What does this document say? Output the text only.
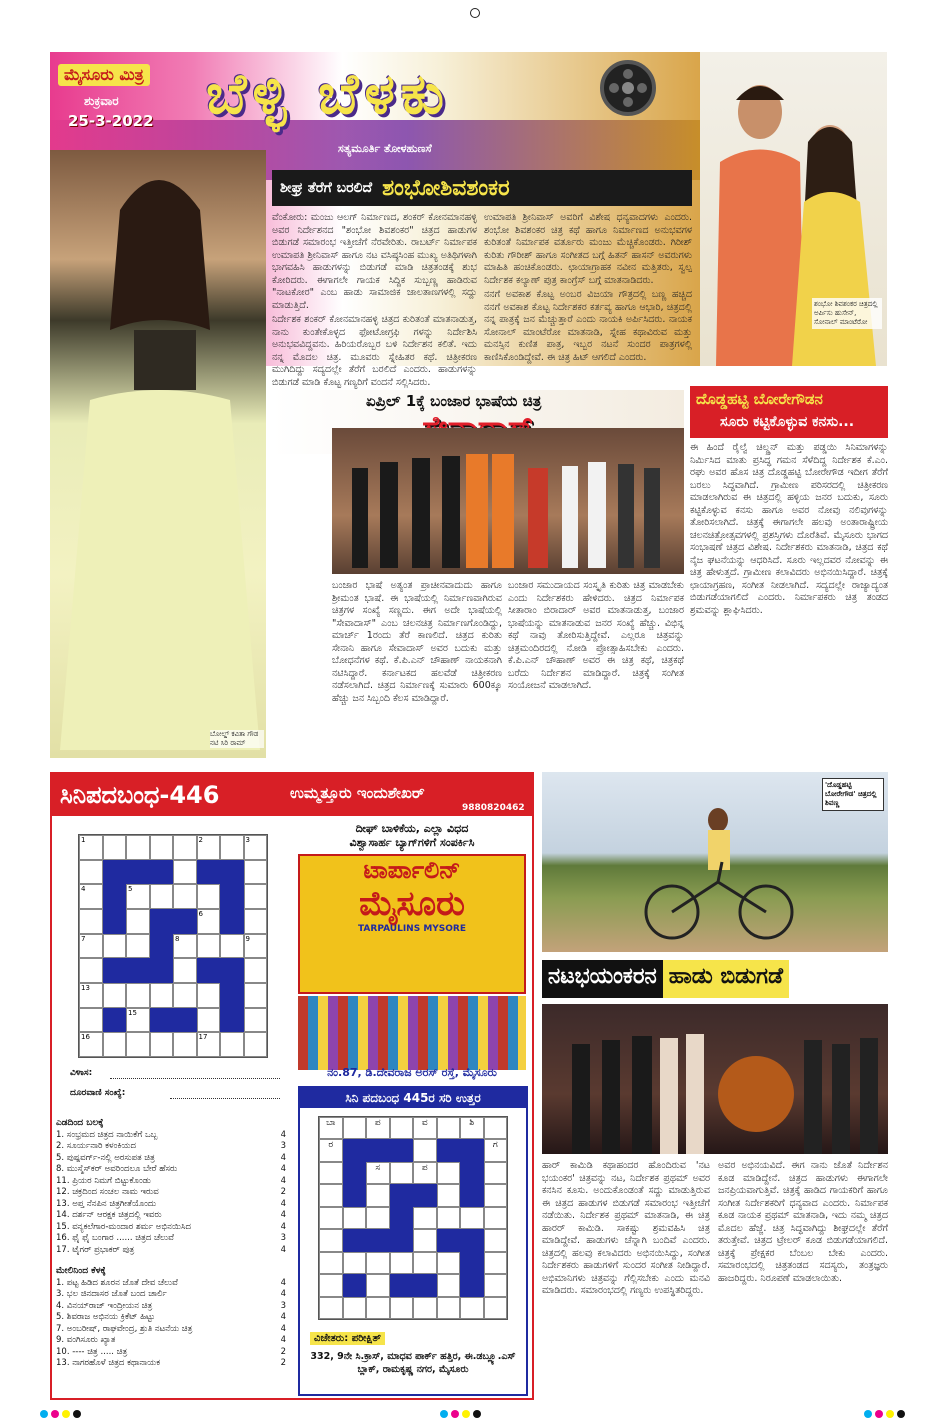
ಮೈಸೂರು ಮಿತ್ರ
ಶುಕ್ರವಾರ
25-3-2022 ಬೆಳ್ಳಿ ಬೆಳಕು
ಸತ್ಯಮೂರ್ತಿ ತೋಳಹುಣಸೆ
ಬೋಲ್ಡ್ ಕವಿತಾ ಗೌಡ ನಟಿ ಸಿರಿ ರಾಮ್
ಶೀಘ್ರ ತೆರೆಗೆ ಬರಲಿದೆ ಶಂಭೋಶಿವಶಂಕರ

ವೆಂಕೋರು: ಮಂಜು ಆಲಗ್ ನಿರ್ಮಾಣದ, ಶಂಕರ್ ಕೋನಮಾನಹಳ್ಳಿ ಅವರ ನಿರ್ದೇಶನದ "ಶಂಭೋ ಶಿವಶಂಕರ" ಚಿತ್ರದ ಹಾಡುಗಳ ಬಿಡುಗಡೆ ಸಮಾರಂಭ ಇತ್ತೀಚೆಗೆ ನೆರವೇರಿತು. ರಾಬರ್ಟ್ ನಿರ್ಮಾಪಕ ಉಮಾಪತಿ ಶ್ರೀನಿವಾಸ್ ಹಾಗೂ ನಟ ವಸಿಷ್ಠಸಿಂಹ ಮುಖ್ಯ ಅತಿಥಿಗಳಾಗಿ ಭಾಗವಹಿಸಿ ಹಾಡುಗಳನ್ನು ಬಿಡುಗಡೆ ಮಾಡಿ ಚಿತ್ರತಂಡಕ್ಕೆ ಶುಭ ಕೋರಿದರು. ಈಗಾಗಲೇ ಗಾಯಕ ಸಿದ್ದಿಕ ಸುಬ್ಬಣ್ಣ ಹಾಡಿರುವ "ನಾಟಕೋರ" ಎಂಬ ಹಾಡು ಸಾಮಾಜಿಕ ಜಾಲತಾಣಗಳಲ್ಲಿ ಸದ್ದು ಮಾಡುತ್ತಿದೆ.

ನಿರ್ದೇಶಕ ಶಂಕರ್ ಕೋನಮಾನಹಳ್ಳಿ ಚಿತ್ರದ ಕುರಿತಂತೆ ಮಾತನಾಡುತ್ತ, ನಾನು ಕುಂತೇಕೊಳ್ಳದ ಫೋಟೋಗ್ರಫಿ ಗಳನ್ನು ನಿರ್ದೇಶಿಸಿ ಅನುಭವವಿದ್ದವನು. ಹಿರಿಯರೊಬ್ಬರ ಬಳಿ ನಿರ್ದೇಶನ ಕಲಿತೆ. ಇದು ನನ್ನ ಮೊದಲ ಚಿತ್ರ. ಮೂವರು ಸ್ನೇಹಿತರ ಕಥೆ. ಚಿತ್ರೀಕರಣ ಮುಗಿದಿದ್ದು ಸದ್ಯದಲ್ಲೇ ತೆರೆಗೆ ಬರಲಿದೆ ಎಂದರು. ಹಾಡುಗಳನ್ನು ಬಿಡುಗಡೆ ಮಾಡಿ ಕೊಟ್ಟ ಗಣ್ಯರಿಗೆ ವಂದನೆ ಸಲ್ಲಿಸಿದರು.

ಉಮಾಪತಿ ಶ್ರೀನಿವಾಸ್ ಅವರಿಗೆ ವಿಶೇಷ ಧನ್ಯವಾದಗಳು ಎಂದರು. ಶಂಭೋ ಶಿವಶಂಕರ ಚಿತ್ರ ಕಥೆ ಹಾಗೂ ನಿರ್ಮಾಣದ ಅನುಭವಗಳ ಕುರಿತಂತೆ ನಿರ್ಮಾಪಕ ವರ್ತೂರು ಮಂಜು ಮೆಚ್ಚಿಕೊಂಡರು. ಗಿರೀಶ್ ಕುರಿತು ಗೌರೀಶ್ ಹಾಗೂ ಸಂಗೀತದ ಬಗ್ಗೆ ಹಿತನ್ ಹಾಸನ್ ಅವರುಗಳು ಮಾಹಿತಿ ಹಂಚಿಕೊಂಡರು. ಛಾಯಾಗ್ರಾಹಕ ನವೀನ ಮತ್ತಿತರು, ಸ್ವಲ್ಪ ನಿರ್ದೇಶಕ ಕಲ್ಯಾಣ್ ಪುತ್ರ ಕಾಂಗ್ರೆಸ್ ಬಗ್ಗೆ ಮಾತನಾಡಿದರು.

ನನಗೆ ಅವಕಾಶ ಕೊಟ್ಟ ಅಂಬರ ವಿಜಯಾ ಗೌತ್ರದಲ್ಲಿ ಬಣ್ಣ ಹಚ್ಚಿದ ನನಗೆ ಅವಕಾಶ ಕೊಟ್ಟ ನಿರ್ದೇಶಕರ ಕರ್ತವ್ಯ ಹಾಗೂ ಆಭಾರಿ, ಚಿತ್ರದಲ್ಲಿ ನನ್ನ ಪಾತ್ರಕ್ಕೆ ಜನ ಮೆಚ್ಚುತ್ತಾರೆ ಎಂದು ನಾಯಕಿ ಅರ್ಪಿಸಿದರು. ನಾಯಕ ಸೋನಾಲ್ ಮಾಂಟೆರೋ ಮಾತನಾಡಿ, ಸ್ನೇಹ ಕಥಾವಿರುವ ಮತ್ತು ಮನಸ್ಸಿನ ಕುಣಿತ ಪಾತ್ರ, ಇಬ್ಬರ ನಟನೆ ಸುಂದರ ಪಾತ್ರಗಳಲ್ಲಿ ಕಾಣಿಸಿಕೊಂಡಿದ್ದೇವೆ. ಈ ಚಿತ್ರ ಹಿಟ್ ಆಗಲಿದೆ ಎಂದರು.

ಶಂಭೋ ಶಿವಶಂಕರ ಚಿತ್ರದಲ್ಲಿ ಅರ್ಪಿಸು ಹುಸೇನ್, ಸೋನಾಲ್ ಮಾಂಟೆರೋ
ಏಪ್ರಿಲ್ 1ಕ್ಕೆ ಬಂಜಾರ ಭಾಷೆಯ ಚಿತ್ರ

ಬಂಜಾರ ಭಾಷೆ ಅತ್ಯಂತ ಪ್ರಾಚೀನವಾದುದು ಹಾಗೂ ಶ್ರೀಮಂತ ಭಾಷೆ. ಈ ಭಾಷೆಯಲ್ಲಿ ನಿರ್ಮಾಣವಾಗಿರುವ ಚಿತ್ರಗಳ ಸಂಖ್ಯೆ ಸಣ್ಣದು. ಈಗ ಅದೇ ಭಾಷೆಯಲ್ಲಿ "ಸೇವಾದಾಸ್" ಎಂಬ ಚಲನಚಿತ್ರ ನಿರ್ಮಾಣಗೊಂಡಿದ್ದು, ಮಾರ್ಚ್ 1ರಂದು ತೆರೆ ಕಾಣಲಿದೆ. ಚಿತ್ರದ ಕುರಿತು ಸೇನಾನಿ ಹಾಗೂ ಸೇವಾದಾಸ್ ಅವರ ಬದುಕು ಮತ್ತು ಬೋಧನೆಗಳ ಕಥೆ. ಕೆ.ಪಿ.ಎನ್ ಚೌಹಾಣ್ ನಾಯಕನಾಗಿ ನಟಿಸಿದ್ದಾರೆ. ಕರ್ನಾಟಕದ ಹಲವೆಡೆ ಚಿತ್ರೀಕರಣ ನಡೆಸಲಾಗಿದೆ. ಚಿತ್ರದ ನಿರ್ಮಾಣಕ್ಕೆ ಸುಮಾರು 600ಕ್ಕೂ ಹೆಚ್ಚು ಜನ ಸಿಬ್ಬಂದಿ ಕೆಲಸ ಮಾಡಿದ್ದಾರೆ.

ಬಂಜಾರ ಸಮುದಾಯದ ಸಂಸ್ಕೃತಿ ಕುರಿತು ಚಿತ್ರ ಮಾಡಬೇಕು ಎಂದು ನಿರ್ದೇಶಕರು ಹೇಳಿದರು. ಚಿತ್ರದ ನಿರ್ಮಾಪಕ ಸೀತಾರಾಂ ಬಿರಾದಾರ್ ಅವರ ಮಾತನಾಡುತ್ತ, ಬಂಜಾರ ಭಾಷೆಯನ್ನು ಮಾತನಾಡುವ ಜನರ ಸಂಖ್ಯೆ ಹೆಚ್ಚು. ವಿಭಿನ್ನ ಕಥೆ ನಾವು ತೋರಿಸುತ್ತಿದ್ದೇವೆ. ಎಲ್ಲರೂ ಚಿತ್ರವನ್ನು ಚಿತ್ರಮಂದಿರದಲ್ಲಿ ನೋಡಿ ಪ್ರೋತ್ಸಾಹಿಸಬೇಕು ಎಂದರು. ಕೆ.ಪಿ.ಎನ್ ಚೌಹಾಣ್ ಅವರ ಈ ಚಿತ್ರ ಕಥೆ, ಚಿತ್ರಕಥೆ ಬರೆದು ನಿರ್ದೇಶನ ಮಾಡಿದ್ದಾರೆ. ಚಿತ್ರಕ್ಕೆ ಸಂಗೀತ ಸಂಯೋಜನೆ ಮಾಡಲಾಗಿದೆ.

ದೊಡ್ಡಹಟ್ಟಿ ಬೋರೇಗೌಡನ
ಸೂರು ಕಟ್ಟಿಕೊಳ್ಳುವ ಕನಸು...

ಈ ಹಿಂದೆ ರೈಲ್ವೆ ಚಿಲ್ಡ್ರನ್ ಮತ್ತು ಪಡ್ಡಯಿ ಸಿನಿಮಾಗಳನ್ನು ನಿರ್ಮಿಸಿದ ಮಾತು ಪ್ರಸಿದ್ಧ ಗಮನ ಸೆಳೆದಿದ್ದ ನಿರ್ದೇಶಕ ಕೆ.ಎಂ. ರಘು ಅವರ ಹೊಸ ಚಿತ್ರ ದೊಡ್ಡಹಟ್ಟಿ ಬೋರೇಗೌಡ ಇದೀಗ ತೆರೆಗೆ ಬರಲು ಸಿದ್ಧವಾಗಿದೆ. ಗ್ರಾಮೀಣ ಪರಿಸರದಲ್ಲಿ ಚಿತ್ರೀಕರಣ ಮಾಡಲಾಗಿರುವ ಈ ಚಿತ್ರದಲ್ಲಿ ಹಳ್ಳಿಯ ಜನರ ಬದುಕು, ಸೂರು ಕಟ್ಟಿಕೊಳ್ಳುವ ಕನಸು ಹಾಗೂ ಅವರ ನೋವು ನಲಿವುಗಳನ್ನು ತೋರಿಸಲಾಗಿದೆ. ಚಿತ್ರಕ್ಕೆ ಈಗಾಗಲೇ ಹಲವು ಅಂತಾರಾಷ್ಟ್ರೀಯ ಚಲನಚಿತ್ರೋತ್ಸವಗಳಲ್ಲಿ ಪ್ರಶಸ್ತಿಗಳು ದೊರೆತಿವೆ. ಮೈಸೂರು ಭಾಗದ ಸಂಭಾಷಣೆ ಚಿತ್ರದ ವಿಶೇಷ. ನಿರ್ದೇಶಕರು ಮಾತನಾಡಿ, ಚಿತ್ರದ ಕಥೆ ನೈಜ ಘಟನೆಯನ್ನು ಆಧರಿಸಿದೆ. ಸೂರು ಇಲ್ಲದವರ ನೋವನ್ನು ಈ ಚಿತ್ರ ಹೇಳುತ್ತದೆ. ಗ್ರಾಮೀಣ ಕಲಾವಿದರು ಅಭಿನಯಿಸಿದ್ದಾರೆ. ಚಿತ್ರಕ್ಕೆ ಛಾಯಾಗ್ರಹಣ, ಸಂಗೀತ ನೀಡಲಾಗಿದೆ. ಸದ್ಯದಲ್ಲೇ ರಾಜ್ಯಾದ್ಯಂತ ಬಿಡುಗಡೆಯಾಗಲಿದೆ ಎಂದರು. ನಿರ್ಮಾಪಕರು ಚಿತ್ರ ತಂಡದ ಶ್ರಮವನ್ನು ಶ್ಲಾಘಿಸಿದರು.

'ದೊಡ್ಡಹಟ್ಟಿ ಬೋರೇಗೌಡ' ಚಿತ್ರದಲ್ಲಿ ಶಿವಣ್ಣ
ನಟಭಯಂಕರನ ಹಾಡು ಬಿಡುಗಡೆ

ಹಾರ್ ಕಾಮಿಡಿ ಕಥಾಹಂದರ ಹೊಂದಿರುವ 'ನಟ ಭಯಂಕರ' ಚಿತ್ರವನ್ನು ನಟ, ನಿರ್ದೇಶಕ ಪ್ರಥಮ್ ಅವರ ಕನಸಿನ ಕೂಸು. ಅಂದುಕೊಂಡಂತೆ ಸದ್ದು ಮಾಡುತ್ತಿರುವ ಈ ಚಿತ್ರದ ಹಾಡುಗಳ ಬಿಡುಗಡೆ ಸಮಾರಂಭ ಇತ್ತೀಚೆಗೆ ನಡೆಯಿತು. ನಿರ್ದೇಶಕ ಪ್ರಥಮ್ ಮಾತನಾಡಿ, ಈ ಚಿತ್ರ ಹಾರರ್ ಕಾಮಿಡಿ. ಸಾಕಷ್ಟು ಶ್ರಮವಹಿಸಿ ಚಿತ್ರ ಮಾಡಿದ್ದೇವೆ. ಹಾಡುಗಳು ಚೆನ್ನಾಗಿ ಬಂದಿವೆ ಎಂದರು. ಚಿತ್ರದಲ್ಲಿ ಹಲವು ಕಲಾವಿದರು ಅಭಿನಯಿಸಿದ್ದು, ಸಂಗೀತ ನಿರ್ದೇಶಕರು ಹಾಡುಗಳಿಗೆ ಸುಂದರ ಸಂಗೀತ ನೀಡಿದ್ದಾರೆ. ಅಭಿಮಾನಿಗಳು ಚಿತ್ರವನ್ನು ಗೆಲ್ಲಿಸಬೇಕು ಎಂದು ಮನವಿ ಮಾಡಿದರು. ಸಮಾರಂಭದಲ್ಲಿ ಗಣ್ಯರು ಉಪಸ್ಥಿತರಿದ್ದರು.

ಅವರ ಅಭಿನಯವಿದೆ. ಈಗ ನಾನು ಜೊತೆ ನಿರ್ದೇಶನ ಕೂಡ ಮಾಡಿದ್ದೇನೆ. ಚಿತ್ರದ ಹಾಡುಗಳು ಈಗಾಗಲೇ ಜನಪ್ರಿಯವಾಗುತ್ತಿವೆ. ಚಿತ್ರಕ್ಕೆ ಹಾಡಿದ ಗಾಯಕರಿಗೆ ಹಾಗೂ ಸಂಗೀತ ನಿರ್ದೇಶಕರಿಗೆ ಧನ್ಯವಾದ ಎಂದರು. ನಿರ್ಮಾಪಕ ಕೂಡ ನಾಯಕ ಪ್ರಥಮ್ ಮಾತನಾಡಿ, ಇದು ನಮ್ಮ ಚಿತ್ರದ ಮೊದಲ ಹೆಜ್ಜೆ. ಚಿತ್ರ ಸಿದ್ಧವಾಗಿದ್ದು ಶೀಘ್ರದಲ್ಲೇ ತೆರೆಗೆ ತರುತ್ತೇವೆ. ಚಿತ್ರದ ಟ್ರೇಲರ್ ಕೂಡ ಬಿಡುಗಡೆಯಾಗಲಿದೆ. ಚಿತ್ರಕ್ಕೆ ಪ್ರೇಕ್ಷಕರ ಬೆಂಬಲ ಬೇಕು ಎಂದರು. ಸಮಾರಂಭದಲ್ಲಿ ಚಿತ್ರತಂಡದ ಸದಸ್ಯರು, ತಂತ್ರಜ್ಞರು ಹಾಜರಿದ್ದರು. ನಿರೂಪಣೆ ಮಾಡಲಾಯಿತು.

ಸಿನಿಪದಬಂಧ-446	ಉಮ್ಮತ್ತೂರು ಇಂದುಶೇಖರ್
9880820462
1	2	3
4	5
6
7	8	9
13
15
16	17
ವಿಳಾಸ:
ದೂರವಾಣಿ ಸಂಖ್ಯೆ:
ಎಡದಿಂದ ಬಲಕ್ಕೆ
1. ಸಂಭ್ರಮದ ಚಿತ್ರದ ನಾಯಿಕೆಗೆ ಒಬ್ಬ	4
2. ಸೂರ್ಯನಾರಿ ಕಳಂಕಿಯದ	3
5. ಪುಷ್ಪವರ್ಗ್-ನಲ್ಲಿ ಅರಸುಪತ ಚಿತ್ರ	4
8. ಮುಸ್ಮೆಸ್‌ಕರ್ ಅವರಿಂದಲೂ ಬೇರೆ ಹೆಸರು	4
11. ಪ್ರಿಯರ ನಿಮಗೆ ಬಿಟ್ಟುಕೊಂಡು	4
12. ಚಕ್ರದಿಂದ ಸಂಚಲ ನಾಮ ಇರುವ	2
13. ಅಪ್ತ ನೆನಪಿನ ಚಿತ್ರಗೀತೆಯೊಂದು	4
14. ದರ್ಶನ್ ಆರಕ್ಷಕ ಚಿತ್ರದಲ್ಲಿ ಇವರು	4
15. ವನ್ಯಕಲೆಗಾರ-ಮಂದಾರ ಶರ್ಮ ಅಭಿನಯಿಸಿದ	4
16. ಫೈ ಫೈ ಬಂಗಾರ ...... ಚಿತ್ರದ ಚೆಲುವೆ	3
17. ಟೈಗರ್ ಪ್ರಭಾಕರ್ ಪುತ್ರ	4
ಮೇಲಿನಿಂದ ಕೆಳಕ್ಕೆ
1. ಪಟ್ಟ ಹಿಡಿದ ಶೂರನ ಜೊತೆ ದೇವ ಚೆಲುವೆ	4
3. ಭಲ ಜಿನದಾಸರ ಜೊತೆ ಬಂದ ಚಾರ್ಲಿ	4
4. ವಿನಯ್‌ರಾಜ್ ಇಂದ್ರೀಯನ ಚಿತ್ರ	3
5. ಶಿವರಾಜ ಅಭಿನಯ ಕ್ರಿಕೆಟ್ ಹಿಟ್ಟು	4
7. ಅಂಬರೀಷ್, ರಾಘವೇಂದ್ರ, ಶ್ರುತಿ ನಟನೆಯ ಚಿತ್ರ	4
9. ವಂಗಿಸೂರು ಖ್ಯಾತ	4
10. ---- ಚಿತ್ರ ..... ಚಿತ್ರ	2
13. ನಾಗರಹೊಳೆ ಚಿತ್ರದ ಕಥಾನಾಯಕ	2
ದೀಘ್ ಬಾಳಿಕೆಯ, ಎಲ್ಲಾ ವಿಧದ
ವಿಶ್ವಾಸಾರ್ಹ ಬ್ಯಾಗ್‌ಗಳಿಗೆ ಸಂಪರ್ಕಿಸಿ
ಟಾರ್ಪಾಲಿನ್
ಮೈಸೂರು
TARPAULINS MYSORE
ನಂ.87, ಡಿ.ದೇವರಾಜ ಅರಸ್ ರಸ್ತೆ, ಮೈಸೂರು
ಸಿನಿ ಪದಬಂಧ 445ರ ಸರಿ ಉತ್ತರ
ಬಾ	ಪ	ವ	ಶಿ
ರ	ಗ
ಸ	ಪ
ವಿಜೇತರು: ಪರೀಕ್ಷಿತ್
332, 9ನೇ ಸಿ.ಕ್ರಾಸ್, ಮಾಧವ ಪಾರ್ಕ್ ಹತ್ತಿರ, ಈ.ಡಬ್ಲ್ಯೂ.ಎಸ್ ಬ್ಲಾಕ್, ರಾಮಕೃಷ್ಣ ನಗರ, ಮೈಸೂರು
